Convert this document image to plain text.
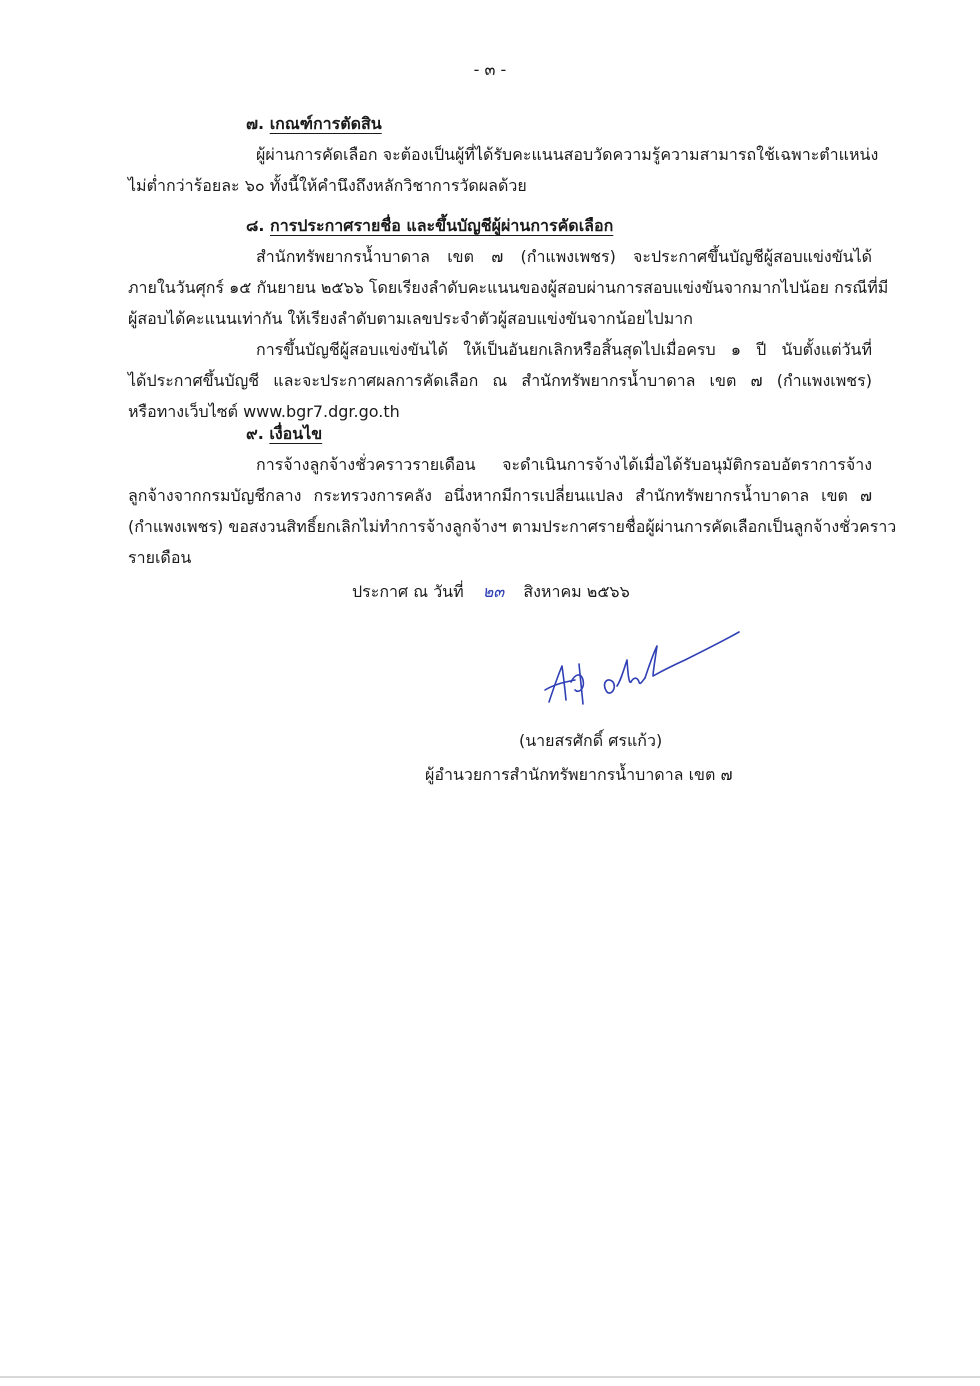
- ๓ -
๗. เกณฑ์การตัดสิน
ผู้ผ่านการคัดเลือก จะต้องเป็นผู้ที่ได้รับคะแนนสอบวัดความรู้ความสามารถใช้เฉพาะตำแหน่ง
ไม่ต่ำกว่าร้อยละ ๖๐ ทั้งนี้ให้คำนึงถึงหลักวิชาการวัดผลด้วย
๘. การประกาศรายชื่อ และขึ้นบัญชีผู้ผ่านการคัดเลือก
สำนักทรัพยากรน้ำบาดาล เขต ๗ (กำแพงเพชร) จะประกาศขึ้นบัญชีผู้สอบแข่งขันได้
ภายในวันศุกร์ ๑๕ กันยายน ๒๕๖๖ โดยเรียงลำดับคะแนนของผู้สอบผ่านการสอบแข่งขันจากมากไปน้อย กรณีที่มี
ผู้สอบได้คะแนนเท่ากัน ให้เรียงลำดับตามเลขประจำตัวผู้สอบแข่งขันจากน้อยไปมาก
การขึ้นบัญชีผู้สอบแข่งขันได้ ให้เป็นอันยกเลิกหรือสิ้นสุดไปเมื่อครบ ๑ ปี นับตั้งแต่วันที่
ได้ประกาศขึ้นบัญชี และจะประกาศผลการคัดเลือก ณ สำนักทรัพยากรน้ำบาดาล เขต ๗ (กำแพงเพชร)
หรือทางเว็บไซต์ www.bgr7.dgr.go.th
๙. เงื่อนไข
การจ้างลูกจ้างชั่วคราวรายเดือน จะดำเนินการจ้างได้เมื่อได้รับอนุมัติกรอบอัตราการจ้าง
ลูกจ้างจากกรมบัญชีกลาง กระทรวงการคลัง อนึ่งหากมีการเปลี่ยนแปลง สำนักทรัพยากรน้ำบาดาล เขต ๗
(กำแพงเพชร) ขอสงวนสิทธิ์ยกเลิกไม่ทำการจ้างลูกจ้างฯ ตามประกาศรายชื่อผู้ผ่านการคัดเลือกเป็นลูกจ้างชั่วคราว
รายเดือน
ประกาศ ณ วันที่ ๒๓ สิงหาคม ๒๕๖๖
(นายสรศักดิ์ ศรแก้ว)
ผู้อำนวยการสำนักทรัพยากรน้ำบาดาล เขต ๗
